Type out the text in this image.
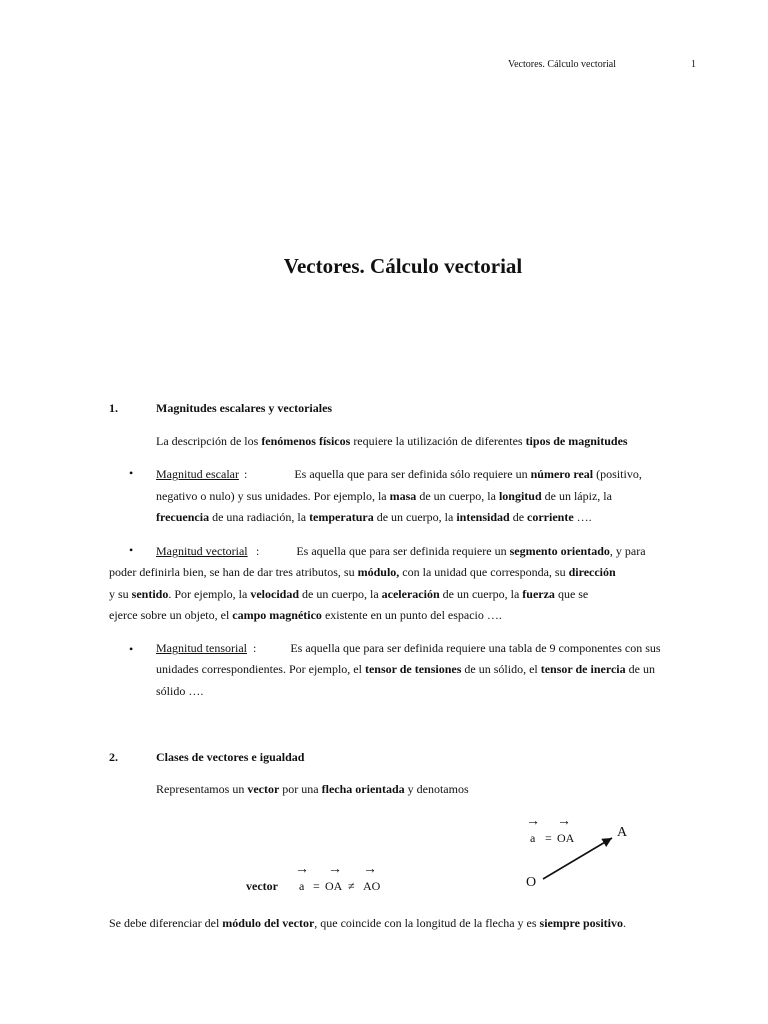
Vectores. Cálculo vectorial	1
Vectores. Cálculo vectorial
1.	Magnitudes escalares y vectoriales
La descripción de los fenómenos físicos requiere la utilización de diferentes tipos de magnitudes
• Magnitud escalar :	Es aquella que para ser definida sólo requiere un número real (positivo,
negativo o nulo) y sus unidades. Por ejemplo, la masa de un cuerpo, la longitud de un lápiz, la
frecuencia de una radiación, la temperatura de un cuerpo, la intensidad de corriente ….
• Magnitud vectorial :	Es aquella que para ser definida requiere un segmento orientado, y para
poder definirla bien, se han de dar tres atributos, su módulo, con la unidad que corresponda, su dirección
y su sentido. Por ejemplo, la velocidad de un cuerpo, la aceleración de un cuerpo, la fuerza que se
ejerce sobre un objeto, el campo magnético existente en un punto del espacio ….
• Magnitud tensorial :	Es aquella que para ser definida requiere una tabla de 9 componentes con sus
unidades correspondientes. Por ejemplo, el tensor de tensiones de un sólido, el tensor de inercia de un
sólido ….
2.	Clases de vectores e igualdad
Representamos un vector por una flecha orientada y denotamos
→ → →
vector a = OA ≠ AO
→ →
a = OA	A
O
Se debe diferenciar del módulo del vector, que coincide con la longitud de la flecha y es siempre positivo.
